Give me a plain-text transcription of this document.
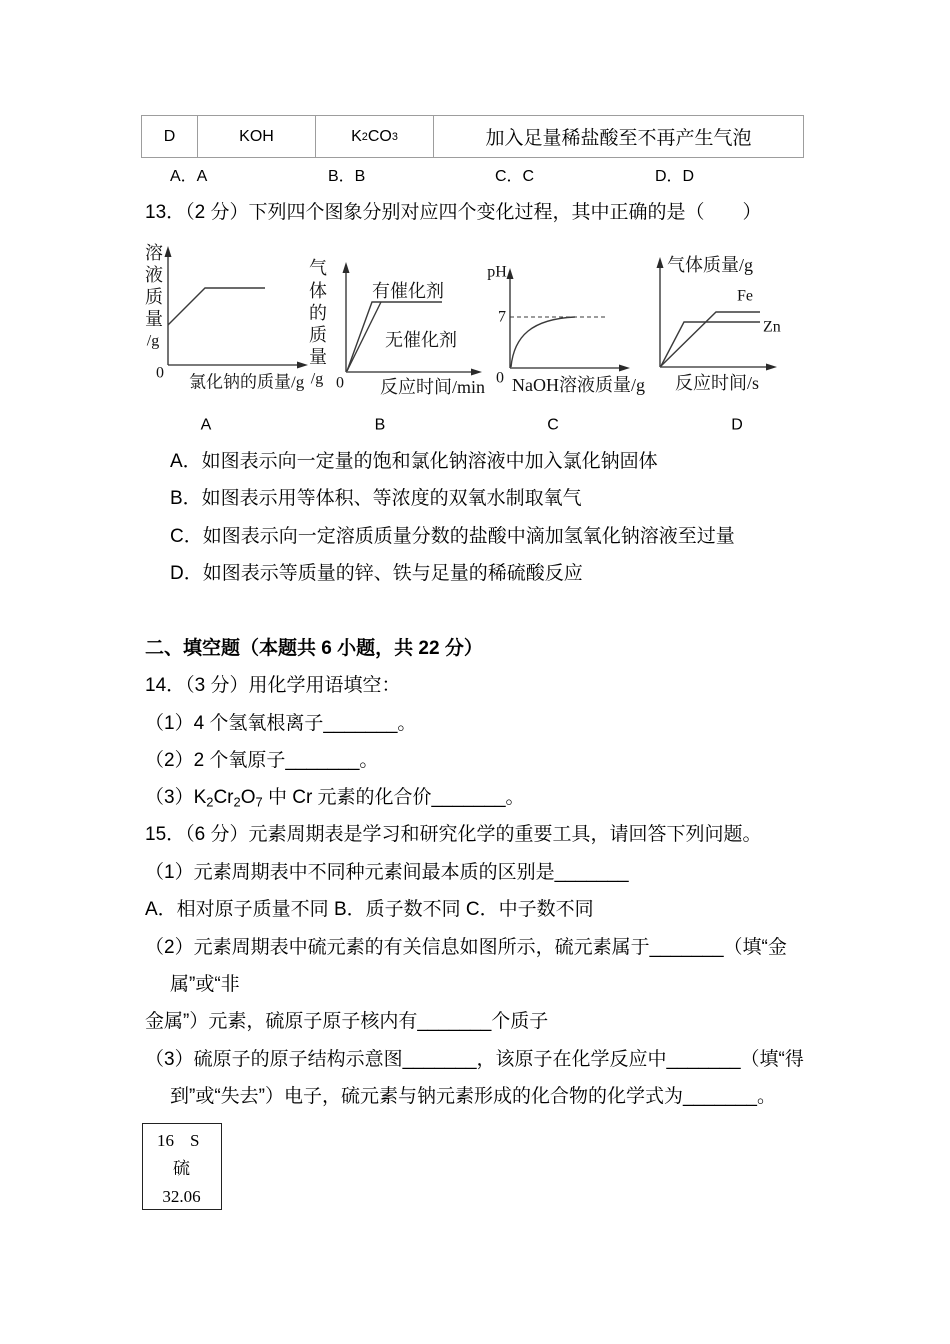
D	KOH	K 2 CO 3	加入足量稀盐酸至不再产生气泡
A．A	B．B	C．C	D．D
13．（2 分）下列四个图象分别对应四个变化过程，其中正确的是（　　）
溶
液
质
量
/g
0 氯化钠的质量/g
A
气
体
的
质
量
/g 0 反应时间/min
有催化剂
无催化剂
B
pH
7
0 NaOH溶液质量/g
C
气体质量/g
Fe
Zn
反应时间/s
D
A．如图表示向一定量的饱和氯化钠溶液中加入氯化钠固体
B．如图表示用等体积、等浓度的双氧水制取氧气
C．如图表示向一定溶质质量分数的盐酸中滴加氢氧化钠溶液至过量
D．如图表示等质量的锌、铁与足量的稀硫酸反应
二、填空题（本题共 6 小题，共 22 分）
14．（3 分）用化学用语填空：
（1）4 个氢氧根离子_______。
（2）2 个氧原子_______。
$(3)K_2Cr_2O_7$ 中 Cr 元素的化合价_______。
15．（6 分）元素周期表是学习和研究化学的重要工具，请回答下列问题。
（1）元素周期表中不同种元素间最本质的区别是_______
A．相对原子质量不同 B．质子数不同 C．中子数不同
（2）元素周期表中硫元素的有关信息如图所示，硫元素属于_______（填“金
属”或“非
金属”）元素，硫原子原子核内有_______个质子
（3）硫原子的原子结构示意图_______，该原子在化学反应中_______（填“得
到”或“失去”）电子，硫元素与钠元素形成的化合物的化学式为_______。
16 S
硫
32.06
